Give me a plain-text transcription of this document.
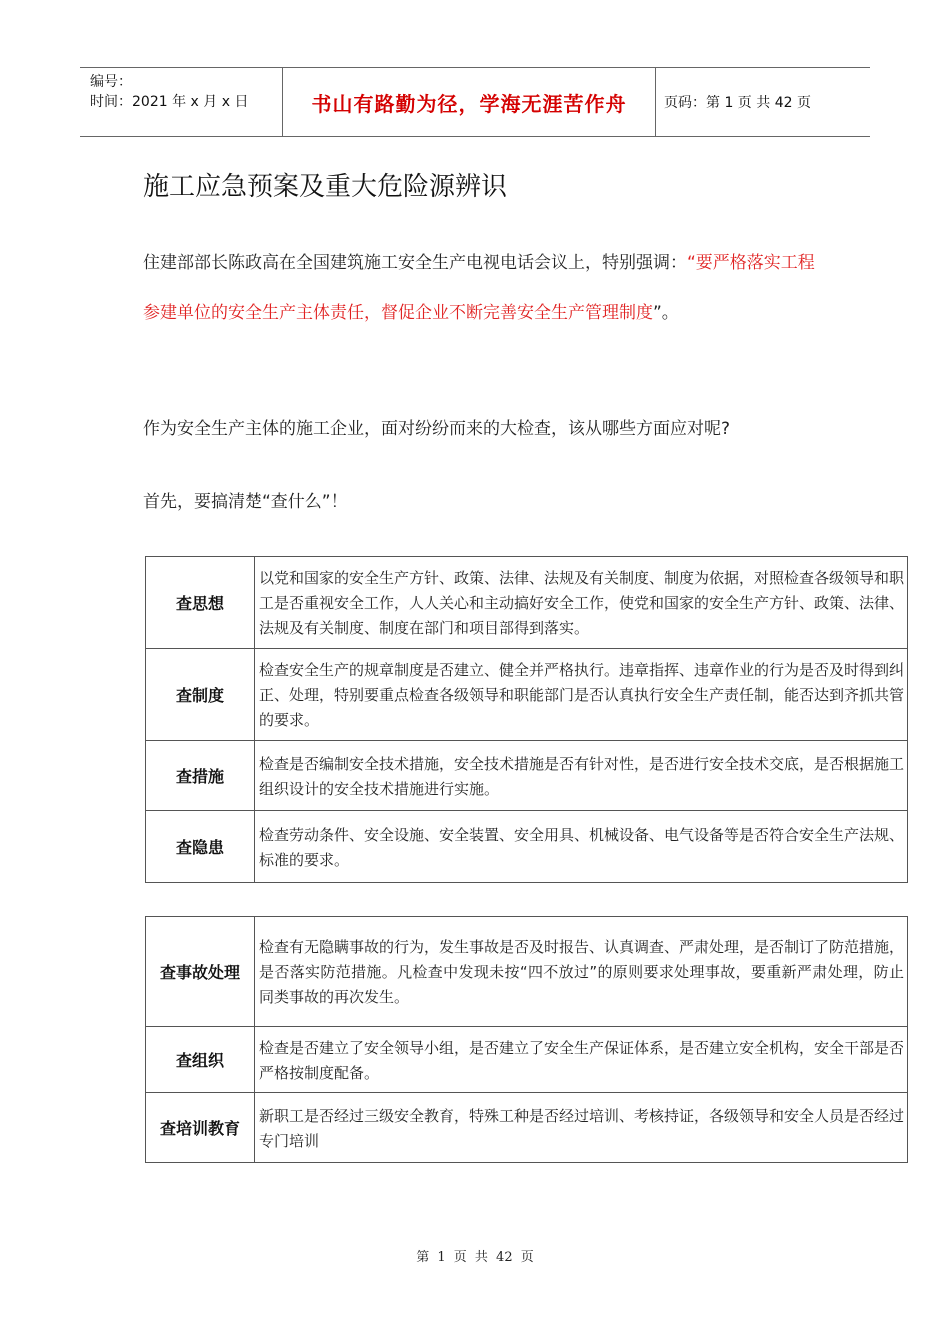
编号：
时间：2021 年 x 月 x 日	书山有路勤为径，学海无涯苦作舟	页码：第 1 页 共 42 页
施工应急预案及重大危险源辨识
住建部部长陈政高在全国建筑施工安全生产电视电话会议上，特别强调：“要严格落实工程参建单位的安全生产主体责任，督促企业不断完善安全生产管理制度”。
作为安全生产主体的施工企业，面对纷纷而来的大检查，该从哪些方面应对呢?
首先，要搞清楚“查什么”！
查思想	以党和国家的安全生产方针、政策、法律、法规及有关制度、制度为依据，对照检查各级领导和职工是否重视安全工作，人人关心和主动搞好安全工作，使党和国家的安全生产方针、政策、法律、法规及有关制度、制度在部门和项目部得到落实。
查制度	检查安全生产的规章制度是否建立、健全并严格执行。违章指挥、违章作业的行为是否及时得到纠正、处理，特别要重点检查各级领导和职能部门是否认真执行安全生产责任制，能否达到齐抓共管的要求。
查措施	检查是否编制安全技术措施，安全技术措施是否有针对性，是否进行安全技术交底，是否根据施工组织设计的安全技术措施进行实施。
查隐患	检查劳动条件、安全设施、安全装置、安全用具、机械设备、电气设备等是否符合安全生产法规、标准的要求。
查事故处理	检查有无隐瞒事故的行为，发生事故是否及时报告、认真调查、严肃处理，是否制订了防范措施，是否落实防范措施。凡检查中发现未按“四不放过”的原则要求处理事故，要重新严肃处理，防止同类事故的再次发生。
查组织	检查是否建立了安全领导小组，是否建立了安全生产保证体系，是否建立安全机构，安全干部是否严格按制度配备。
查培训教育	新职工是否经过三级安全教育，特殊工种是否经过培训、考核持证，各级领导和安全人员是否经过专门培训
第 1 页 共 42 页
